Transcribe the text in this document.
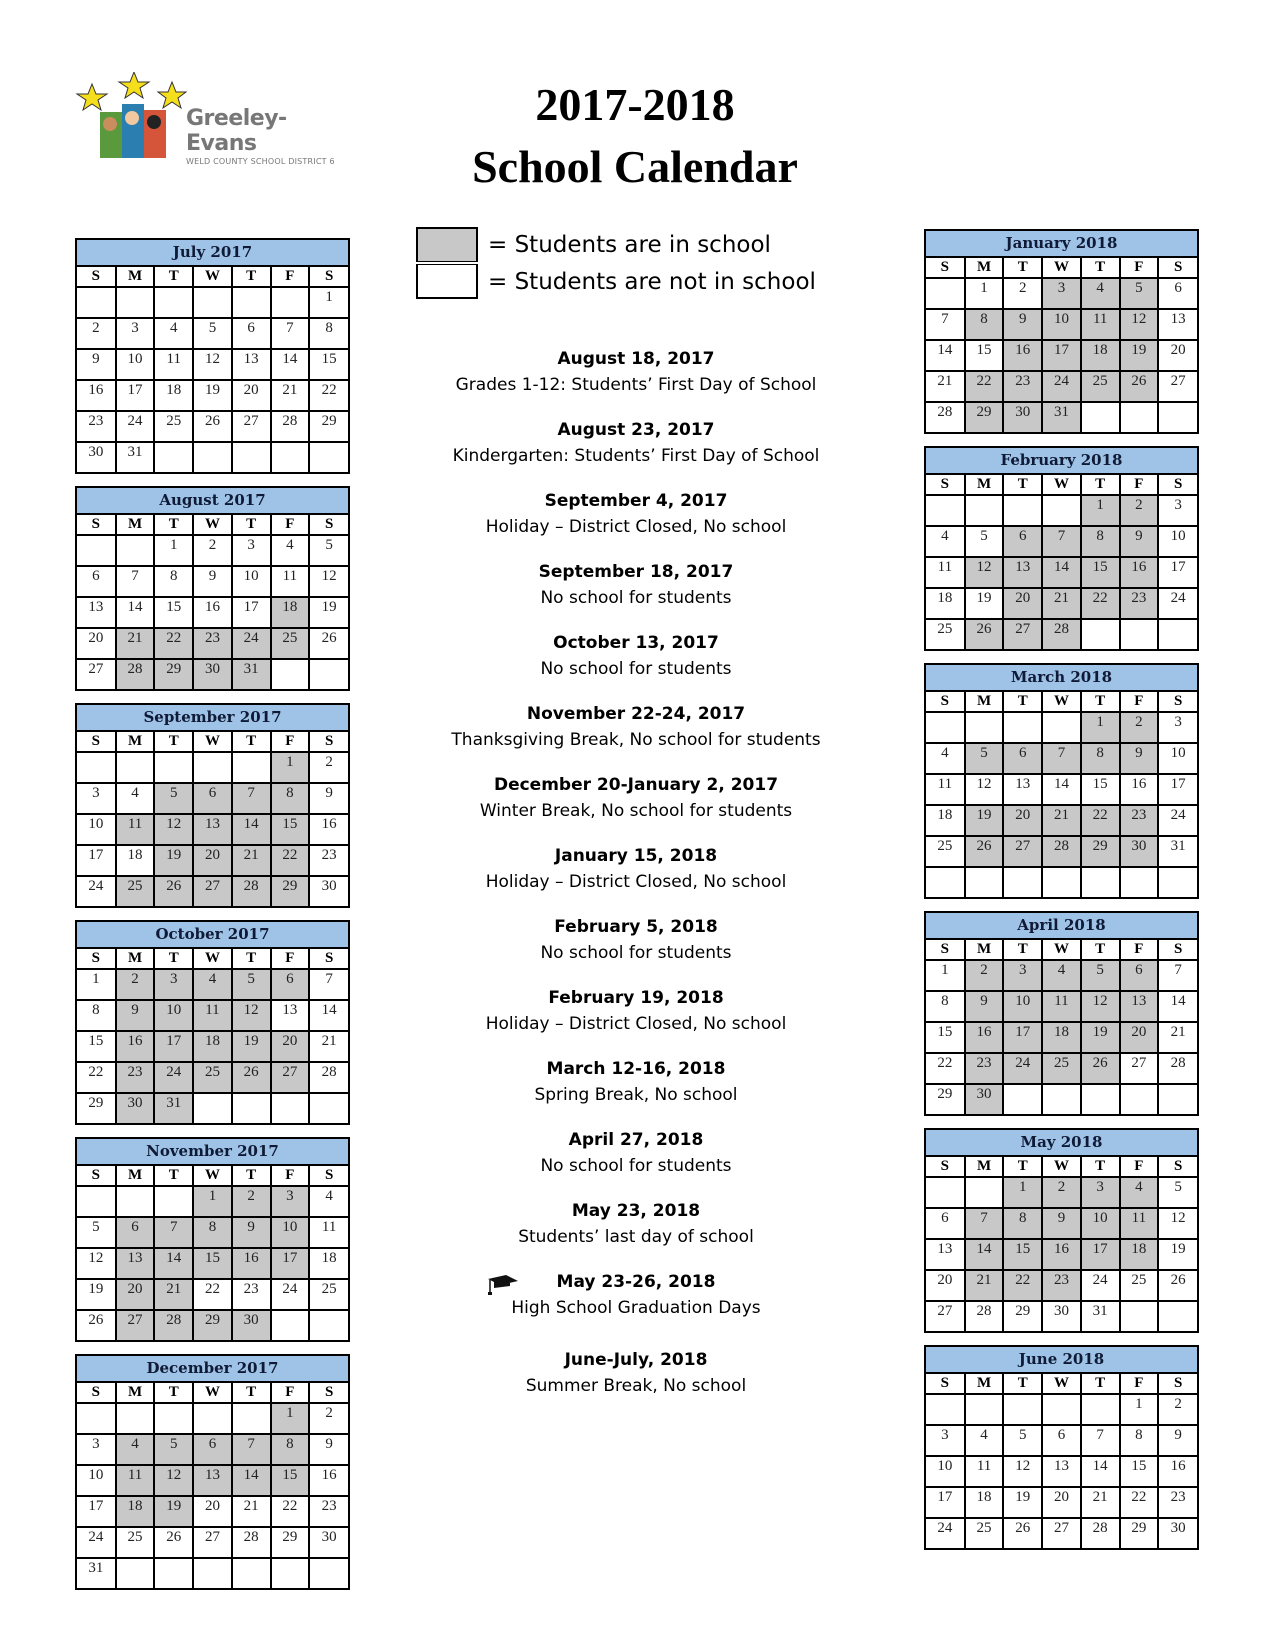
Greeley-Evans
WELD COUNTY SCHOOL DISTRICT 6
2017-2018
School Calendar
= Students are in school
= Students are not in school
August 18, 2017
Grades 1-12: Students’ First Day of School
August 23, 2017
Kindergarten: Students’ First Day of School
September 4, 2017
Holiday – District Closed, No school
September 18, 2017
No school for students
October 13, 2017
No school for students
November 22-24, 2017
Thanksgiving Break, No school for students
December 20-January 2, 2017
Winter Break, No school for students
January 15, 2018
Holiday – District Closed, No school
February 5, 2018
No school for students
February 19, 2018
Holiday – District Closed, No school
March 12-16, 2018
Spring Break, No school
April 27, 2018
No school for students
May 23, 2018
Students’ last day of school
May 23-26, 2018
High School Graduation Days
June-July, 2018
Summer Break, No school
July 2017
S	M	T	W	T	F	S
						1
2	3	4	5	6	7	8
9	10	11	12	13	14	15
16	17	18	19	20	21	22
23	24	25	26	27	28	29
30	31					
August 2017
S	M	T	W	T	F	S
		1	2	3	4	5
6	7	8	9	10	11	12
13	14	15	16	17	18	19
20	21	22	23	24	25	26
27	28	29	30	31		
September 2017
S	M	T	W	T	F	S
					1	2
3	4	5	6	7	8	9
10	11	12	13	14	15	16
17	18	19	20	21	22	23
24	25	26	27	28	29	30
October 2017
S	M	T	W	T	F	S
1	2	3	4	5	6	7
8	9	10	11	12	13	14
15	16	17	18	19	20	21
22	23	24	25	26	27	28
29	30	31				
November 2017
S	M	T	W	T	F	S
			1	2	3	4
5	6	7	8	9	10	11
12	13	14	15	16	17	18
19	20	21	22	23	24	25
26	27	28	29	30		
December 2017
S	M	T	W	T	F	S
					1	2
3	4	5	6	7	8	9
10	11	12	13	14	15	16
17	18	19	20	21	22	23
24	25	26	27	28	29	30
31						
January 2018
S	M	T	W	T	F	S
	1	2	3	4	5	6
7	8	9	10	11	12	13
14	15	16	17	18	19	20
21	22	23	24	25	26	27
28	29	30	31			
February 2018
S	M	T	W	T	F	S
				1	2	3
4	5	6	7	8	9	10
11	12	13	14	15	16	17
18	19	20	21	22	23	24
25	26	27	28			
March 2018
S	M	T	W	T	F	S
				1	2	3
4	5	6	7	8	9	10
11	12	13	14	15	16	17
18	19	20	21	22	23	24
25	26	27	28	29	30	31

April 2018
S	M	T	W	T	F	S
1	2	3	4	5	6	7
8	9	10	11	12	13	14
15	16	17	18	19	20	21
22	23	24	25	26	27	28
29	30					
May 2018
S	M	T	W	T	F	S
		1	2	3	4	5
6	7	8	9	10	11	12
13	14	15	16	17	18	19
20	21	22	23	24	25	26
27	28	29	30	31		
June 2018
S	M	T	W	T	F	S
					1	2
3	4	5	6	7	8	9
10	11	12	13	14	15	16
17	18	19	20	21	22	23
24	25	26	27	28	29	30
